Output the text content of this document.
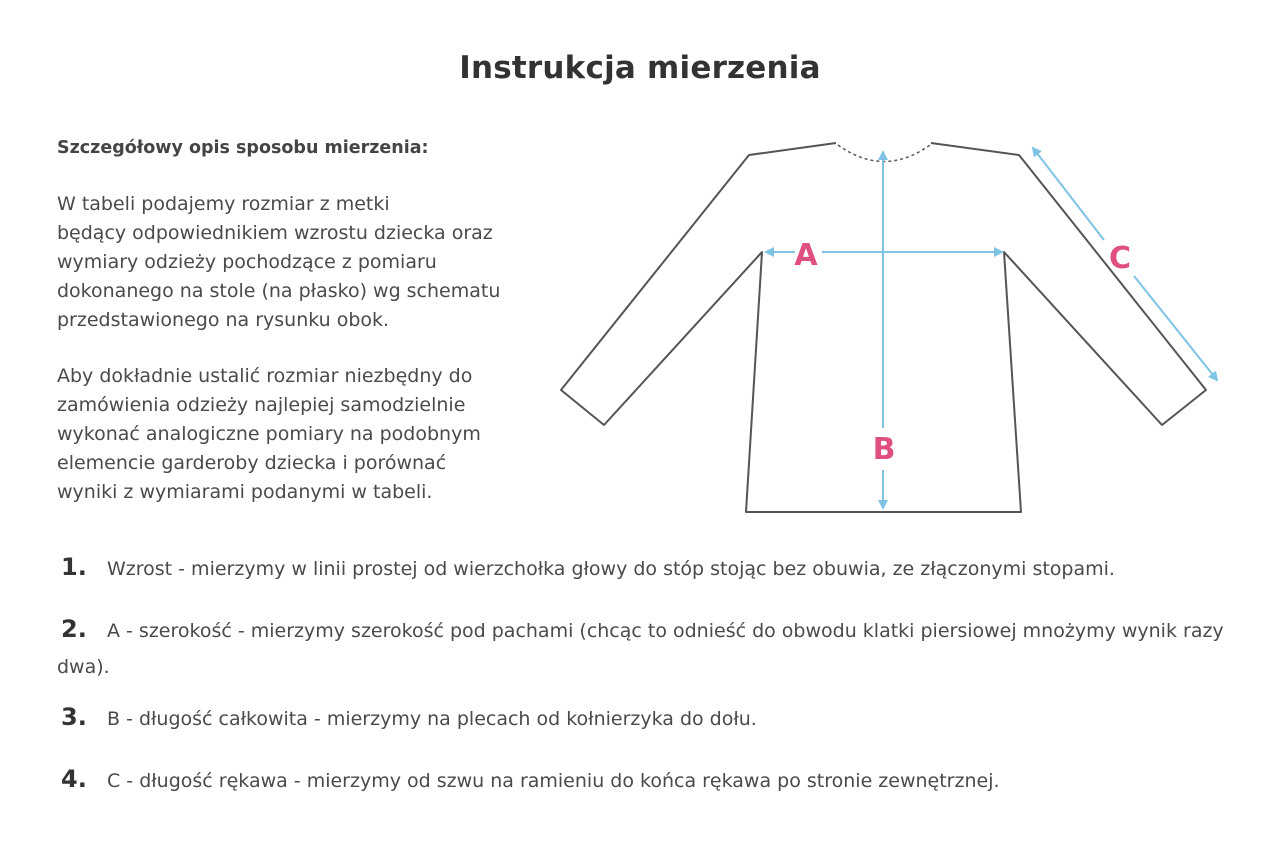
Instrukcja mierzenia

Szczegółowy opis sposobu mierzenia:

W tabeli podajemy rozmiar z metki
będący odpowiednikiem wzrostu dziecka oraz
wymiary odzieży pochodzące z pomiaru
dokonanego na stole (na płasko) wg schematu
przedstawionego na rysunku obok.

Aby dokładnie ustalić rozmiar niezbędny do
zamówienia odzieży najlepiej samodzielnie
wykonać analogiczne pomiary na podobnym
elemencie garderoby dziecka i porównać
wyniki z wymiarami podanymi w tabeli.

A
B
C
1. Wzrost - mierzymy w linii prostej od wierzchołka głowy do stóp stojąc bez obuwia, ze złączonymi stopami.
2. A - szerokość - mierzymy szerokość pod pachami (chcąc to odnieść do obwodu klatki piersiowej mnożymy wynik razy dwa).
3. B - długość całkowita - mierzymy na plecach od kołnierzyka do dołu.
4. C - długość rękawa - mierzymy od szwu na ramieniu do końca rękawa po stronie zewnętrznej.
